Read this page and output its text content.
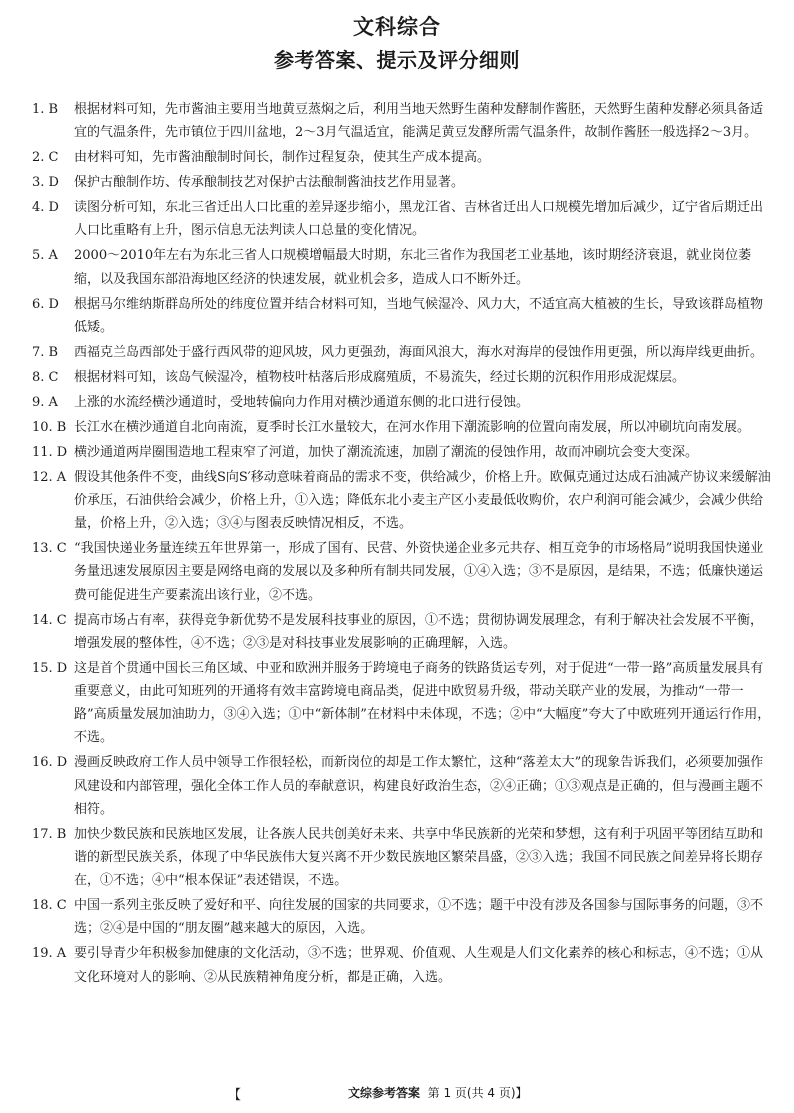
文科综合
参考答案、提示及评分细则
1. B 根据材料可知，先市酱油主要用当地黄豆蒸焖之后，利用当地天然野生菌种发酵制作酱胚，天然野生菌种发酵必须具备适宜的气温条件，先市镇位于四川盆地，2～3月气温适宜，能满足黄豆发酵所需气温条件，故制作酱胚一般选择2～3月。
2. C 由材料可知，先市酱油酿制时间长，制作过程复杂，使其生产成本提高。
3. D 保护古酿制作坊、传承酿制技艺对保护古法酿制酱油技艺作用显著。
4. D 读图分析可知，东北三省迁出人口比重的差异逐步缩小，黑龙江省、吉林省迁出人口规模先增加后减少，辽宁省后期迁出人口比重略有上升，图示信息无法判读人口总量的变化情况。
5. A 2000～2010年左右为东北三省人口规模增幅最大时期，东北三省作为我国老工业基地，该时期经济衰退，就业岗位萎缩，以及我国东部沿海地区经济的快速发展，就业机会多，造成人口不断外迁。
6. D 根据马尔维纳斯群岛所处的纬度位置并结合材料可知，当地气候湿冷、风力大，不适宜高大植被的生长，导致该群岛植物低矮。
7. B 西福克兰岛西部处于盛行西风带的迎风坡，风力更强劲，海面风浪大，海水对海岸的侵蚀作用更强，所以海岸线更曲折。
8. C 根据材料可知，该岛气候湿冷，植物枝叶枯落后形成腐殖质，不易流失，经过长期的沉积作用形成泥煤层。
9. A 上涨的水流经横沙通道时，受地转偏向力作用对横沙通道东侧的北口进行侵蚀。
10. B 长江水在横沙通道自北向南流，夏季时长江水量较大，在河水作用下潮流影响的位置向南发展，所以冲刷坑向南发展。
11. D 横沙通道两岸圈围造地工程束窄了河道，加快了潮流流速，加剧了潮流的侵蚀作用，故而冲刷坑会变大变深。
12. A 假设其他条件不变，曲线S向S′移动意味着商品的需求不变，供给减少，价格上升。欧佩克通过达成石油减产协议来缓解油价承压，石油供给会减少，价格上升，①入选；降低东北小麦主产区小麦最低收购价，农户利润可能会减少，会减少供给量，价格上升，②入选；③④与图表反映情况相反，不选。
13. C “我国快递业务量连续五年世界第一，形成了国有、民营、外资快递企业多元共存、相互竞争的市场格局”说明我国快递业务量迅速发展原因主要是网络电商的发展以及多种所有制共同发展，①④入选；③不是原因，是结果，不选；低廉快递运费可能促进生产要素流出该行业，②不选。
14. C 提高市场占有率，获得竞争新优势不是发展科技事业的原因，①不选；贯彻协调发展理念，有利于解决社会发展不平衡，增强发展的整体性，④不选；②③是对科技事业发展影响的正确理解，入选。
15. D 这是首个贯通中国长三角区域、中亚和欧洲并服务于跨境电子商务的铁路货运专列，对于促进“一带一路”高质量发展具有重要意义，由此可知班列的开通将有效丰富跨境电商品类，促进中欧贸易升级，带动关联产业的发展，为推动“一带一路”高质量发展加油助力，③④入选；①中“新体制”在材料中未体现，不选；②中“大幅度”夸大了中欧班列开通运行作用，不选。
16. D 漫画反映政府工作人员中领导工作很轻松，而新岗位的却是工作太繁忙，这种“落差太大”的现象告诉我们，必须要加强作风建设和内部管理，强化全体工作人员的奉献意识，构建良好政治生态，②④正确；①③观点是正确的，但与漫画主题不相符。
17. B 加快少数民族和民族地区发展，让各族人民共创美好未来、共享中华民族新的光荣和梦想，这有利于巩固平等团结互助和谐的新型民族关系，体现了中华民族伟大复兴离不开少数民族地区繁荣昌盛，②③入选；我国不同民族之间差异将长期存在，①不选；④中“根本保证”表述错误，不选。
18. C 中国一系列主张反映了爱好和平、向往发展的国家的共同要求，①不选；题干中没有涉及各国参与国际事务的问题，③不选；②④是中国的“朋友圈”越来越大的原因，入选。
19. A 要引导青少年积极参加健康的文化活动，③不选；世界观、价值观、人生观是人们文化素养的核心和标志，④不选；①从文化环境对人的影响、②从民族精神角度分析，都是正确，入选。
【	文综参考答案 第 1 页(共 4 页)】
